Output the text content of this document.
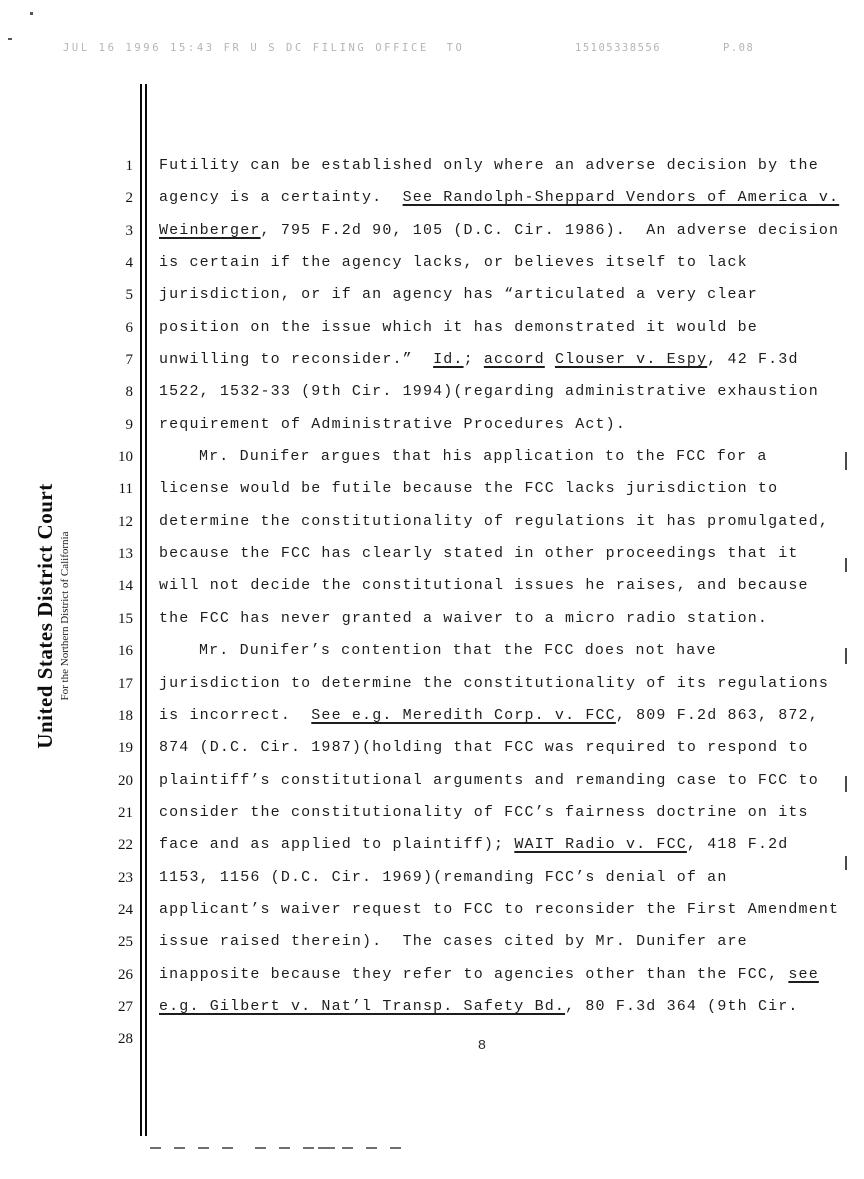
JUL 16 1996 15:43 FR U S DC FILING OFFICE  TO

	15105338556

	P.08

United States District Court For the Northern District of California
1	Futility can be established only where an adverse decision by the
2	agency is a certainty.  See Randolph-Sheppard Vendors of America v.
3	Weinberger, 795 F.2d 90, 105 (D.C. Cir. 1986).  An adverse decision
4	is certain if the agency lacks, or believes itself to lack
5	jurisdiction, or if an agency has “articulated a very clear
6	position on the issue which it has demonstrated it would be
7	unwilling to reconsider.”  Id.; accord Clouser v. Espy, 42 F.3d
8	1522, 1532-33 (9th Cir. 1994)(regarding administrative exhaustion
9	requirement of Administrative Procedures Act).
10	Mr. Dunifer argues that his application to the FCC for a
11	license would be futile because the FCC lacks jurisdiction to
12	determine the constitutionality of regulations it has promulgated,
13	because the FCC has clearly stated in other proceedings that it
14	will not decide the constitutional issues he raises, and because
15	the FCC has never granted a waiver to a micro radio station.
16	Mr. Dunifer’s contention that the FCC does not have
17	jurisdiction to determine the constitutionality of its regulations
18	is incorrect.  See e.g. Meredith Corp. v. FCC, 809 F.2d 863, 872,
19	874 (D.C. Cir. 1987)(holding that FCC was required to respond to
20	plaintiff’s constitutional arguments and remanding case to FCC to
21	consider the constitutionality of FCC’s fairness doctrine on its
22	face and as applied to plaintiff); WAIT Radio v. FCC, 418 F.2d
23	1153, 1156 (D.C. Cir. 1969)(remanding FCC’s denial of an
24	applicant’s waiver request to FCC to reconsider the First Amendment
25	issue raised therein).  The cases cited by Mr. Dunifer are
26	inapposite because they refer to agencies other than the FCC, see
27	e.g. Gilbert v. Nat’l Transp. Safety Bd., 80 F.3d 364 (9th Cir.
28	8
